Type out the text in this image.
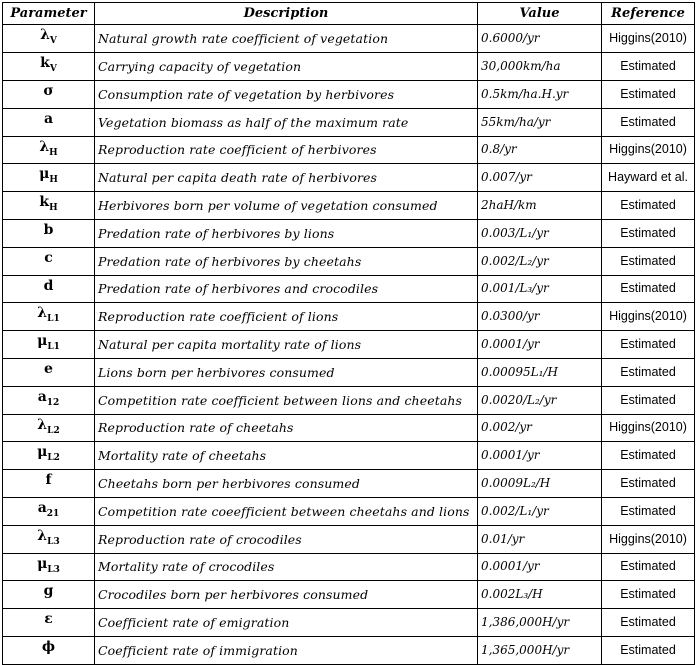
Parameter	Description	Value	Reference
$\lambda_V$	Natural growth rate coefficient of vegetation	0.6000/yr	Higgins(2010)
$k_V$	Carrying capacity of vegetation	30,000km/ha	Estimated
σ	Consumption rate of vegetation by herbivores	0.5km/ha.H.yr	Estimated
a	Vegetation biomass as half of the maximum rate	55km/ha/yr	Estimated
$\lambda_H$	Reproduction rate coefficient of herbivores	0.8/yr	Higgins(2010)
$\mu_H$	Natural per capita death rate of herbivores	0.007/yr	Hayward et al.
$k_H$	Herbivores born per volume of vegetation consumed	2haH/km	Estimated
b	Predation rate of herbivores by lions	0.003/L₁/yr	Estimated
c	Predation rate of herbivores by cheetahs	0.002/L₂/yr	Estimated
d	Predation rate of herbivores and crocodiles	0.001/L₃/yr	Estimated
$\lambda_{L1}$	Reproduction rate coefficient of lions	0.0300/yr	Higgins(2010)
$\mu_{L1}$	Natural per capita mortality rate of lions	0.0001/yr	Estimated
e	Lions born per herbivores consumed	0.00095L₁/H	Estimated
$a_{12}$	Competition rate coefficient between lions and cheetahs	0.0020/L₂/yr	Estimated
$\lambda_{L2}$	Reproduction rate of cheetahs	0.002/yr	Higgins(2010)
$\mu_{L2}$	Mortality rate of cheetahs	0.0001/yr	Estimated
f	Cheetahs born per herbivores consumed	0.0009L₂/H	Estimated
$a_{21}$	Competition rate coeefficient between cheetahs and lions	0.002/L₁/yr	Estimated
$\lambda_{L3}$	Reproduction rate of crocodiles	0.01/yr	Higgins(2010)
$\mu_{L3}$	Mortality rate of crocodiles	0.0001/yr	Estimated
g	Crocodiles born per herbivores consumed	0.002L₃/H	Estimated
ε	Coefficient rate of emigration	1,386,000H/yr	Estimated
ϕ	Coefficient rate of immigration	1,365,000H/yr	Estimated
